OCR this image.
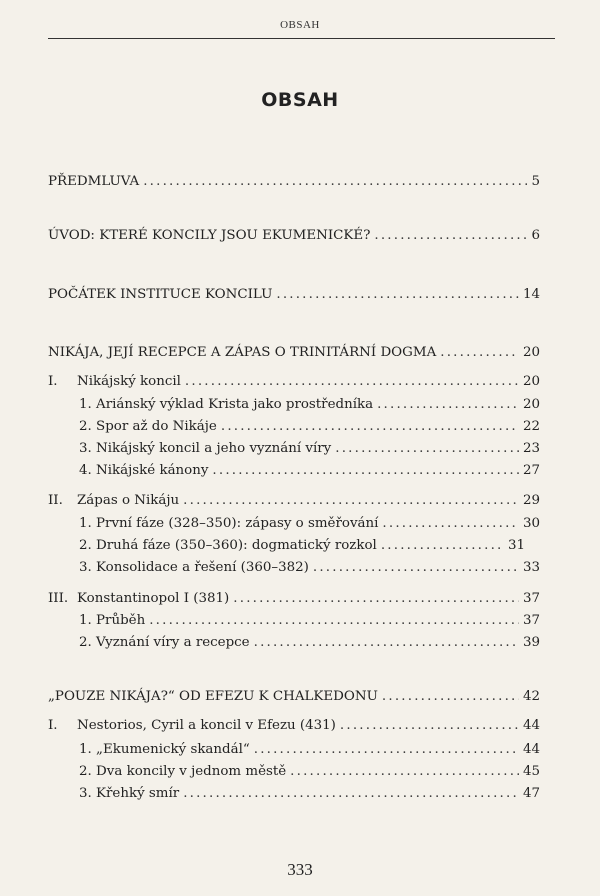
OBSAH
OBSAH
PŘEDMLUVA .....	5
ÚVOD: KTERÉ KONCILY JSOU EKUMENICKÉ? .....	6
POČÁTEK INSTITUCE KONCILU .....	14
NIKÁJA, JEJÍ RECEPCE A ZÁPAS O TRINITÁRNÍ DOGMA .....	20
I.	Nikájský koncil .....	20
1. Ariánský výklad Krista jako prostředníka .....	20
2. Spor až do Nikáje .....	22
3. Nikájský koncil a jeho vyznání víry .....	23
4. Nikájské kánony .....	27
II.	Zápas o Nikáju .....	29
1. První fáze (328–350): zápasy o směřování .....	30
2. Druhá fáze (350–360): dogmatický rozkol .....	31
3. Konsolidace a řešení (360–382) .....	33
III. Konstantinopol I (381) .....	37
1. Průběh .....	37
2. Vyznání víry a recepce .....	39
„POUZE NIKÁJA?“ OD EFEZU K CHALKEDONU .....	42
I.	Nestorios, Cyril a koncil v Efezu (431) .....	44
1. „Ekumenický skandál“ .....	44
2. Dva koncily v jednom městě .....	45
3. Křehký smír .....	47
333
